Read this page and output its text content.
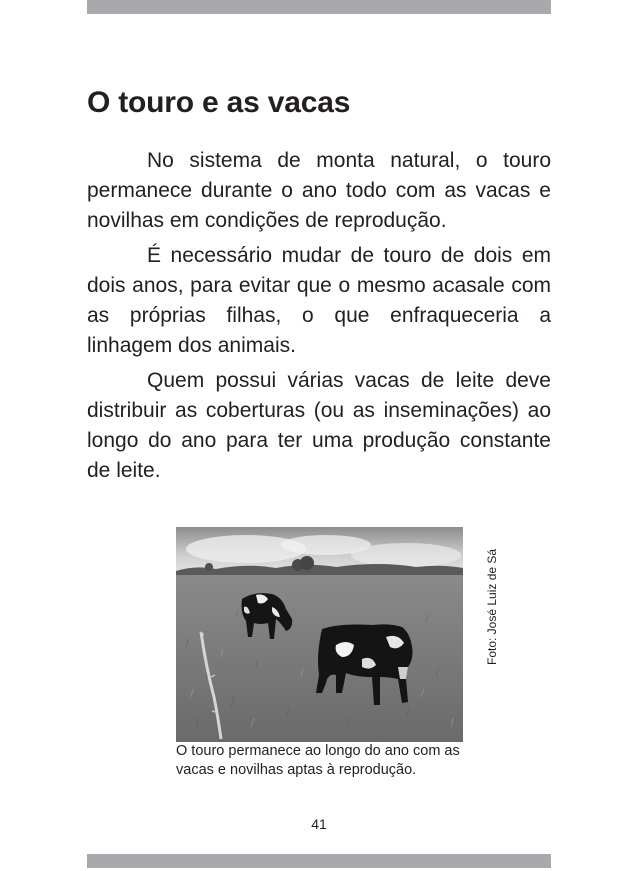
O touro e as vacas

No sistema de monta natural, o touro permanece durante o ano todo com as vacas e novilhas em condições de reprodução.

É necessário mudar de touro de dois em dois anos, para evitar que o mesmo acasale com as próprias filhas, o que enfraqueceria a linhagem dos animais.

Quem possui várias vacas de leite deve distribuir as coberturas (ou as inseminações) ao longo do ano para ter uma produção constante de leite.

Foto: José Luiz de Sá

O touro permanece ao longo do ano com as vacas e novilhas aptas à reprodução.

41
